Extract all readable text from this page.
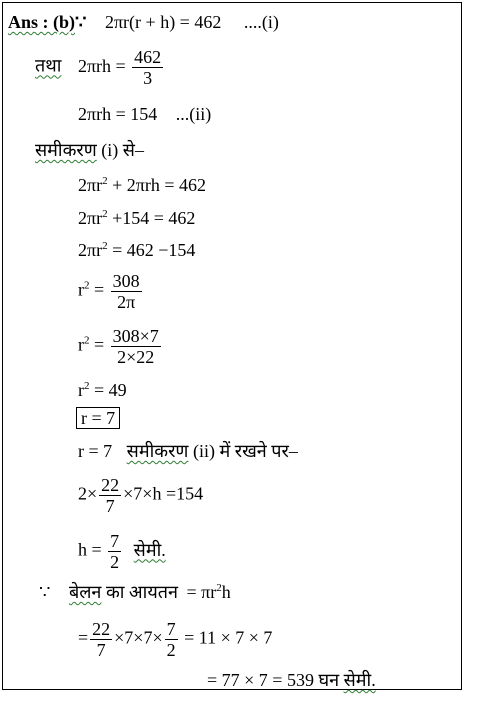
Ans : (b)∵ 2πr(r + h) = 462 ....(i)
तथा $2\pi rh = \frac{462}{3}$
2πrh = 154 ...(ii)
समीकरण (i) से–
$2\pi r^2 + 2\pi rh = 462$
$2\pi r^2 +154 = 462$
$2\pi r^2 = 462 -154$
$r^2 = \frac{308}{2\pi}$
$r^2 = \frac{308\times 7}{2\times 22}$
$r^2 = 49$
r = 7
r = 7 समीकरण (ii) में रखने पर–
$2\times \frac{22}{7} \times 7\times h =154$
$h = \frac{7}{2}$ सेमी.
∵ बेलन का आयतन = $\pi r^2h$
= $\frac{22}{7} \times 7\times 7\times \frac{7}{2} = 11 \times 7 \times 7$
= 77 × 7 = 539 घन सेमी.
